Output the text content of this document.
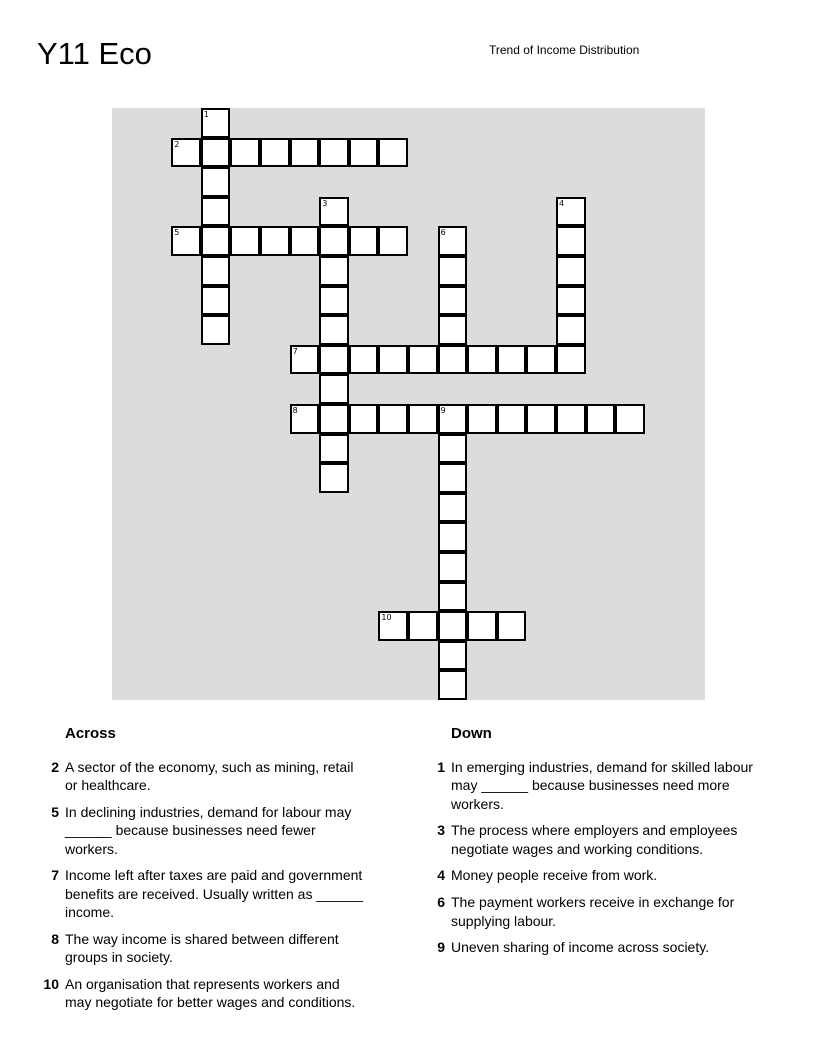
Y11 Eco	Trend of Income Distribution
1
2
3	4
5	6
7
8	9
10
Across
2 A sector of the economy, such as mining, retail or healthcare.
5 In declining industries, demand for labour may ______ because businesses need fewer workers.
7 Income left after taxes are paid and government benefits are received. Usually written as ______ income.
8 The way income is shared between different groups in society.
10 An organisation that represents workers and may negotiate for better wages and conditions.
Down
1 In emerging industries, demand for skilled labour may ______ because businesses need more workers.
3 The process where employers and employees negotiate wages and working conditions.
4 Money people receive from work.
6 The payment workers receive in exchange for supplying labour.
9 Uneven sharing of income across society.
